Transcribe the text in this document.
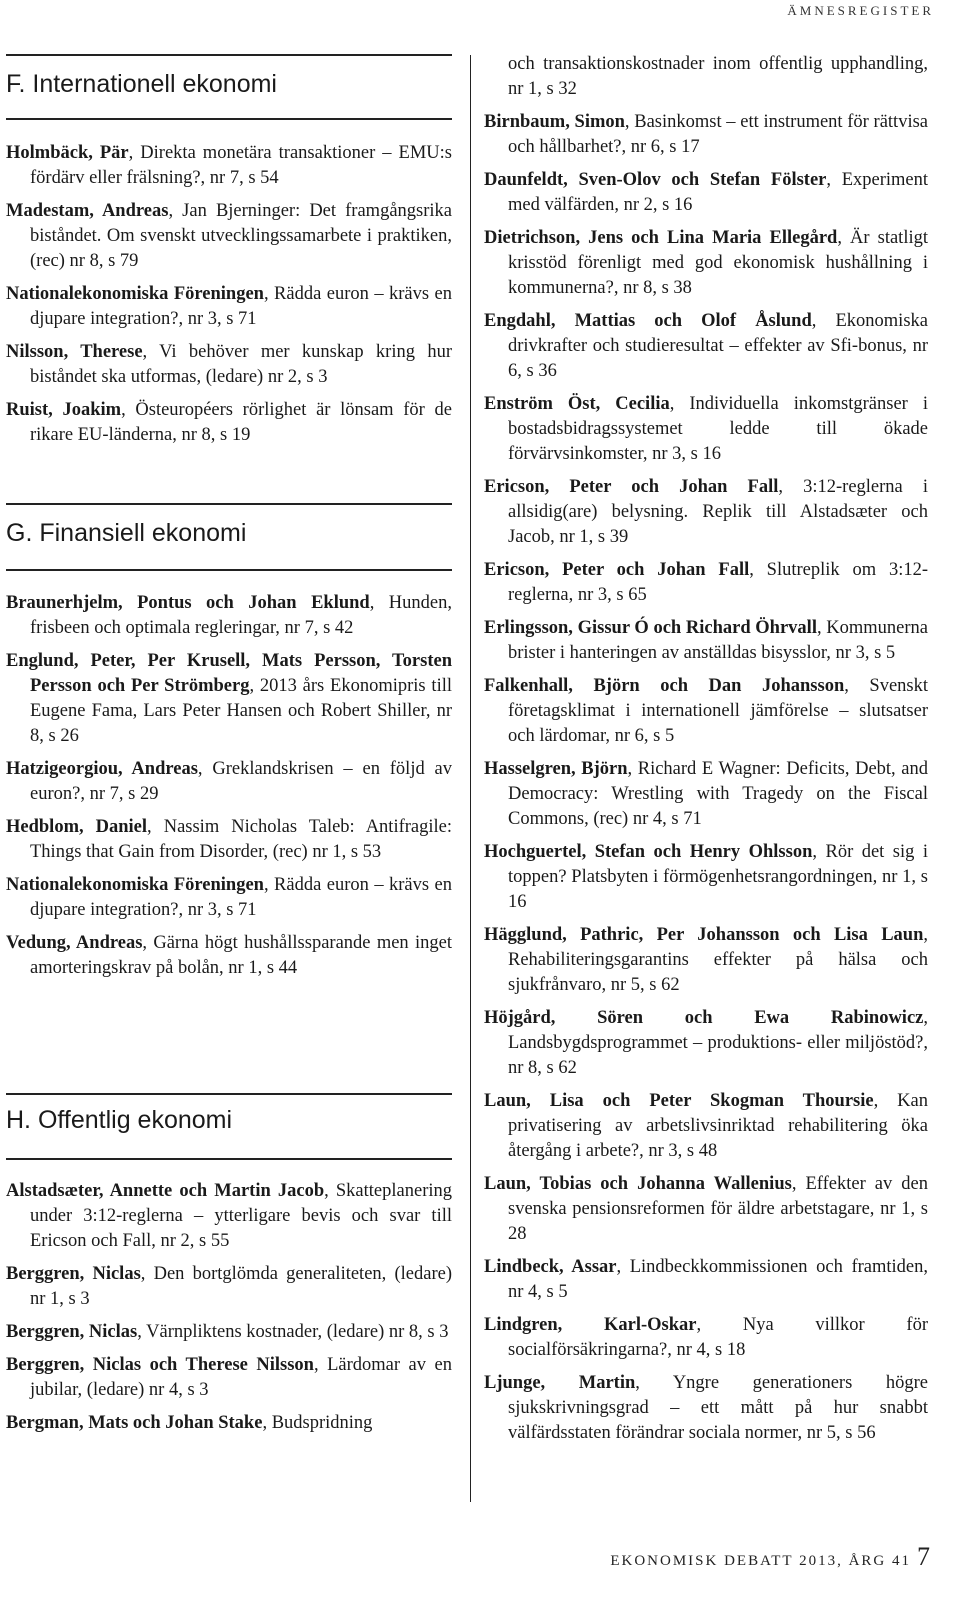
ÄMNESREGISTER
F. Internationell ekonomi
Holmbäck, Pär, Direkta monetära transaktioner – EMU:s fördärv eller frälsning?, nr 7, s 54
Madestam, Andreas, Jan Bjerninger: Det framgångsrika biståndet. Om svenskt utvecklingssamarbete i praktiken, (rec) nr 8, s 79
Nationalekonomiska Föreningen, Rädda euron – krävs en djupare integration?, nr 3, s 71
Nilsson, Therese, Vi behöver mer kunskap kring hur biståndet ska utformas, (ledare) nr 2, s 3
Ruist, Joakim, Östeuropéers rörlighet är lönsam för de rikare EU-länderna, nr 8, s 19
G. Finansiell ekonomi
Braunerhjelm, Pontus och Johan Eklund, Hunden, frisbeen och optimala regleringar, nr 7, s 42
Englund, Peter, Per Krusell, Mats Persson, Torsten Persson och Per Strömberg, 2013 års Ekonomipris till Eugene Fama, Lars Peter Hansen och Robert Shiller, nr 8, s 26
Hatzigeorgiou, Andreas, Greklandskrisen – en följd av euron?, nr 7, s 29
Hedblom, Daniel, Nassim Nicholas Taleb: Antifragile: Things that Gain from Disorder, (rec) nr 1, s 53
Nationalekonomiska Föreningen, Rädda euron – krävs en djupare integration?, nr 3, s 71
Vedung, Andreas, Gärna högt hushållssparande men inget amorteringskrav på bolån, nr 1, s 44
H. Offentlig ekonomi
Alstadsæter, Annette och Martin Jacob, Skatteplanering under 3:12-reglerna – ytterligare bevis och svar till Ericson och Fall, nr 2, s 55
Berggren, Niclas, Den bortglömda generaliteten, (ledare) nr 1, s 3
Berggren, Niclas, Värnpliktens kostnader, (ledare) nr 8, s 3
Berggren, Niclas och Therese Nilsson, Lärdomar av en jubilar, (ledare) nr 4, s 3
Bergman, Mats och Johan Stake, Budspridning
och transaktionskostnader inom offentlig upphandling, nr 1, s 32
Birnbaum, Simon, Basinkomst – ett instrument för rättvisa och hållbarhet?, nr 6, s 17
Daunfeldt, Sven-Olov och Stefan Fölster, Experiment med välfärden, nr 2, s 16
Dietrichson, Jens och Lina Maria Ellegård, Är statligt krisstöd förenligt med god ekonomisk hushållning i kommunerna?, nr 8, s 38
Engdahl, Mattias och Olof Åslund, Ekonomiska drivkrafter och studieresultat – effekter av Sfi-bonus, nr 6, s 36
Enström Öst, Cecilia, Individuella inkomstgränser i bostadsbidragssystemet ledde till ökade förvärvsinkomster, nr 3, s 16
Ericson, Peter och Johan Fall, 3:12-reglerna i allsidig(are) belysning. Replik till Alstadsæter och Jacob, nr 1, s 39
Ericson, Peter och Johan Fall, Slutreplik om 3:12-reglerna, nr 3, s 65
Erlingsson, Gissur Ó och Richard Öhrvall, Kommunerna brister i hanteringen av anställdas bisysslor, nr 3, s 5
Falkenhall, Björn och Dan Johansson, Svenskt företagsklimat i internationell jämförelse – slutsatser och lärdomar, nr 6, s 5
Hasselgren, Björn, Richard E Wagner: Deficits, Debt, and Democracy: Wrestling with Tragedy on the Fiscal Commons, (rec) nr 4, s 71
Hochguertel, Stefan och Henry Ohlsson, Rör det sig i toppen? Platsbyten i förmögenhetsrangordningen, nr 1, s 16
Hägglund, Pathric, Per Johansson och Lisa Laun, Rehabiliteringsgarantins effekter på hälsa och sjukfrånvaro, nr 5, s 62
Höjgård, Sören och Ewa Rabinowicz, Landsbygdsprogrammet – produktions- eller miljöstöd?, nr 8, s 62
Laun, Lisa och Peter Skogman Thoursie, Kan privatisering av arbetslivsinriktad rehabilitering öka återgång i arbete?, nr 3, s 48
Laun, Tobias och Johanna Wallenius, Effekter av den svenska pensionsreformen för äldre arbetstagare, nr 1, s 28
Lindbeck, Assar, Lindbeckkommissionen och framtiden, nr 4, s 5
Lindgren, Karl-Oskar, Nya villkor för socialförsäkringarna?, nr 4, s 18
Ljunge, Martin, Yngre generationers högre sjukskrivningsgrad – ett mått på hur snabbt välfärdsstaten förändrar sociala normer, nr 5, s 56
EKONOMISK DEBATT 2013, ÅRG 41 7
